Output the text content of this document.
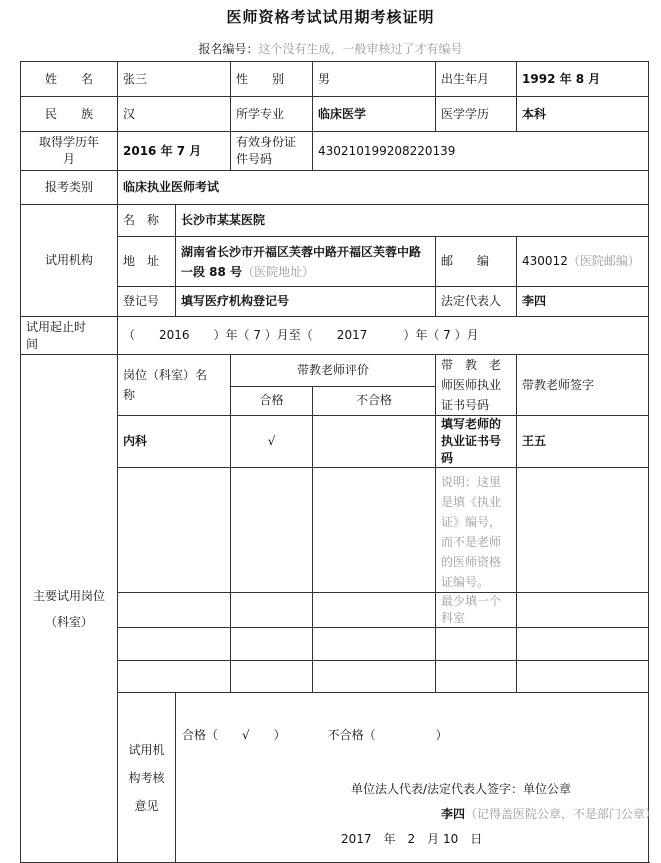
医师资格考试试用期考核证明
报名编号：这个没有生成，一般审核过了才有编号
姓　　名	张三		性　　别	男	出生年月	1992 年 8 月
民　　族	汉		所学专业	临床医学	医学学历	本科
取得学历年　　月	2016 年 7 月		有效身份证件号码	430210199208220139		
报考类别	临床执业医师考试					
试用机构	名　称	长沙市某某医院				
	地　址	湖南省长沙市开福区芙蓉中路开福区芙蓉中路一段 88 号（医院地址）			邮　　编	430012（医院邮编）
	登记号	填写医疗机构登记号			法定代表人	李四
试用起止时　　间	（　　2016　　）年（ 7 ）月至（　　2017　　　）年（ 7 ）月					
主要试用岗位（科室）	岗位（科室）名　　称		带教老师评价		带　教　老　师医师执业证书号码	带教老师签字
			合格	不合格		
	内科		√		填写老师的执业证书号码	王五
					说明：这里是填《执业证》编号，而不是老师的医师资格证编号。	
					最少填一个科室	

	试用机构考核意见	合格（　　√　　）　　　　不合格（　　　　　）
单位法人代表/法定代表人签字：单位公章
李四（记得盖医院公章，不是部门公章）
2017　年　2　月 10　日				
